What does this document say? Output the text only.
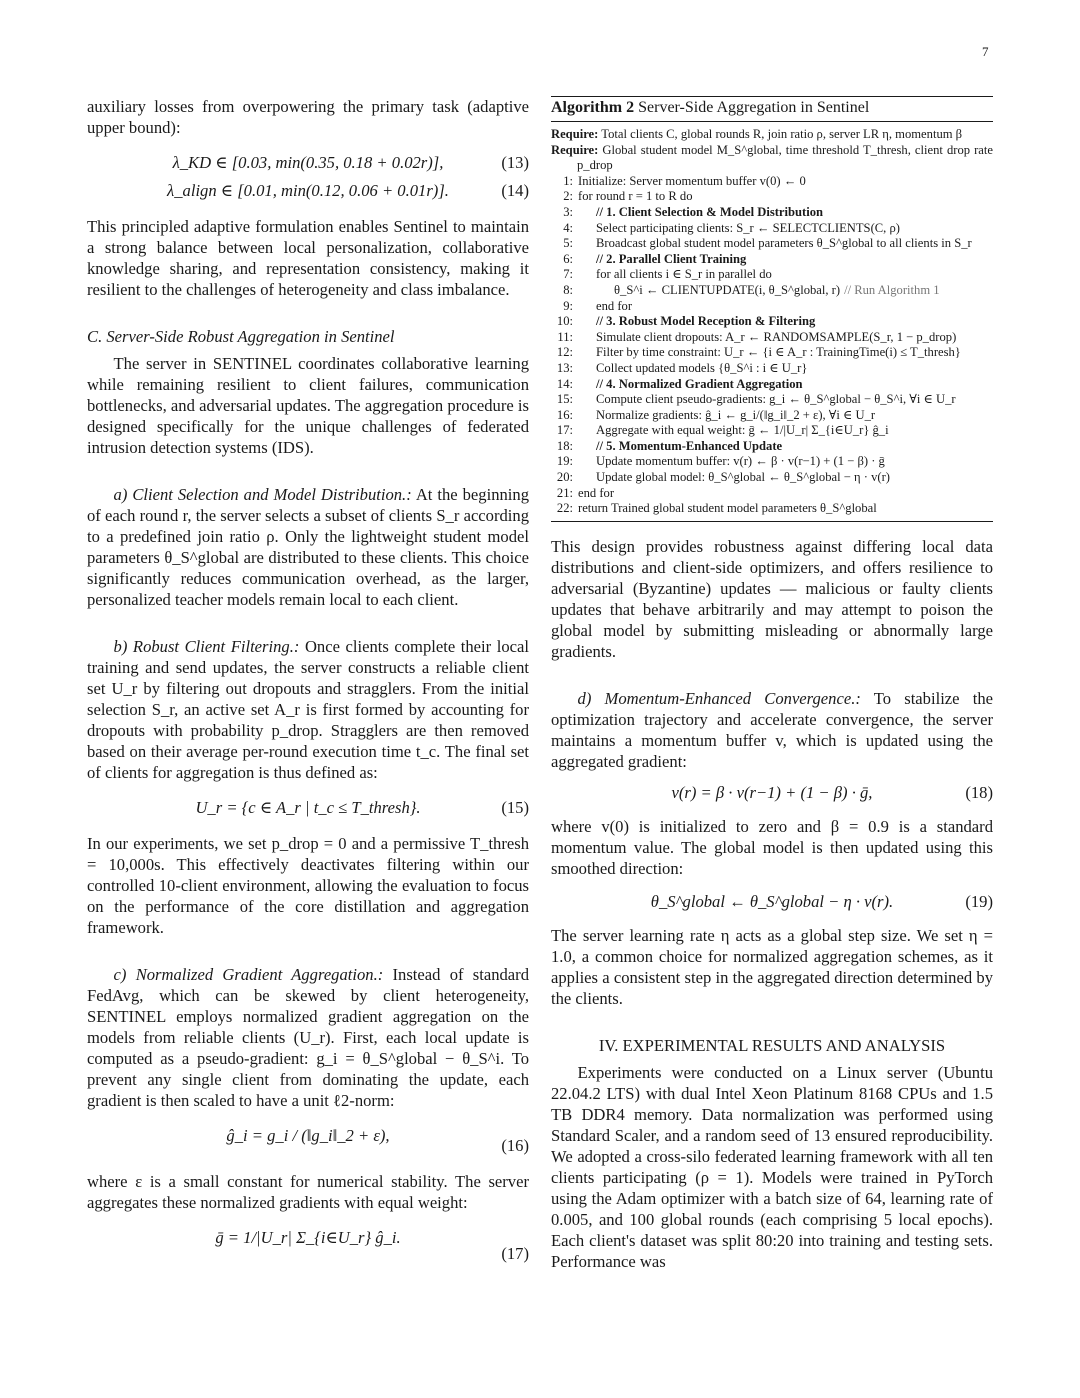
7

auxiliary losses from overpowering the primary task (adaptive upper bound):

λ_KD ∈ [0.03, min(0.35, 0.18 + 0.02r)],	(13)
λ_align ∈ [0.01, min(0.12, 0.06 + 0.01r)].	(14)

This principled adaptive formulation enables Sentinel to maintain a strong balance between local personalization, collaborative knowledge sharing, and representation consistency, making it resilient to the challenges of heterogeneity and class imbalance.

C. Server-Side Robust Aggregation in Sentinel

The server in SENTINEL coordinates collaborative learning while remaining resilient to client failures, communication bottlenecks, and adversarial updates. The aggregation procedure is designed specifically for the unique challenges of federated intrusion detection systems (IDS).

a) Client Selection and Model Distribution.: At the beginning of each round r, the server selects a subset of clients S_r according to a predefined join ratio ρ. Only the lightweight student model parameters θ_S^global are distributed to these clients. This choice significantly reduces communication overhead, as the larger, personalized teacher models remain local to each client.

b) Robust Client Filtering.: Once clients complete their local training and send updates, the server constructs a reliable client set U_r by filtering out dropouts and stragglers. From the initial selection S_r, an active set A_r is first formed by accounting for dropouts with probability p_drop. Stragglers are then removed based on their average per-round execution time t_c. The final set of clients for aggregation is thus defined as:

U_r = {c ∈ A_r | t_c ≤ T_thresh}.	(15)

In our experiments, we set p_drop = 0 and a permissive T_thresh = 10,000s. This effectively deactivates filtering within our controlled 10-client environment, allowing the evaluation to focus on the performance of the core distillation and aggregation framework.

c) Normalized Gradient Aggregation.: Instead of standard FedAvg, which can be skewed by client heterogeneity, SENTINEL employs normalized gradient aggregation on the models from reliable clients (U_r). First, each local update is computed as a pseudo-gradient: g_i = θ_S^global − θ_S^i. To prevent any single client from dominating the update, each gradient is then scaled to have a unit ℓ2-norm:

ĝ_i = g_i / (‖g_i‖_2 + ε),
(16)

where ε is a small constant for numerical stability. The server aggregates these normalized gradients with equal weight:

ḡ = 1/|U_r| Σ_{i∈U_r} ĝ_i.
(17)
Algorithm 2 Server-Side Aggregation in Sentinel

Require: Total clients C, global rounds R, join ratio ρ, server LR η, momentum β

Require: Global student model M_S^global, time threshold T_thresh, client drop rate p_drop

1: Initialize: Server momentum buffer v(0) ← 0
2: for round r = 1 to R do
3:	// 1. Client Selection & Model Distribution
4:	Select participating clients: S_r ← SELECTCLIENTS(C, ρ)
5:	Broadcast global student model parameters θ_S^global to all clients in S_r
6:	// 2. Parallel Client Training
7:	for all clients i ∈ S_r in parallel do
8:	θ_S^i ← CLIENTUPDATE(i, θ_S^global, r) // Run Algorithm 1
9:	end for
10:	// 3. Robust Model Reception & Filtering
11:	Simulate client dropouts: A_r ← RANDOMSAMPLE(S_r, 1 − p_drop)
12:	Filter by time constraint: U_r ← {i ∈ A_r : TrainingTime(i) ≤ T_thresh}
13:	Collect updated models {θ_S^i : i ∈ U_r}
14:	// 4. Normalized Gradient Aggregation
15:	Compute client pseudo-gradients: g_i ← θ_S^global − θ_S^i, ∀i ∈ U_r
16:	Normalize gradients: ĝ_i ← g_i/(‖g_i‖_2 + ε), ∀i ∈ U_r
17:	Aggregate with equal weight: ḡ ← 1/|U_r| Σ_{i∈U_r} ĝ_i
18:	// 5. Momentum-Enhanced Update
19:	Update momentum buffer: v(r) ← β · v(r−1) + (1 − β) · ḡ
20:	Update global model: θ_S^global ← θ_S^global − η · v(r)
21: end for
22: return Trained global student model parameters θ_S^global

This design provides robustness against differing local data distributions and client-side optimizers, and offers resilience to adversarial (Byzantine) updates — malicious or faulty clients updates that behave arbitrarily and may attempt to poison the global model by submitting misleading or abnormally large gradients.

d) Momentum-Enhanced Convergence.: To stabilize the optimization trajectory and accelerate convergence, the server maintains a momentum buffer v, which is updated using the aggregated gradient:

v(r) = β · v(r−1) + (1 − β) · ḡ,	(18)

where v(0) is initialized to zero and β = 0.9 is a standard momentum value. The global model is then updated using this smoothed direction:

θ_S^global ← θ_S^global − η · v(r).	(19)

The server learning rate η acts as a global step size. We set η = 1.0, a common choice for normalized aggregation schemes, as it applies a consistent step in the aggregated direction determined by the clients.

IV. EXPERIMENTAL RESULTS AND ANALYSIS

Experiments were conducted on a Linux server (Ubuntu 22.04.2 LTS) with dual Intel Xeon Platinum 8168 CPUs and 1.5 TB DDR4 memory. Data normalization was performed using Standard Scaler, and a random seed of 13 ensured reproducibility. We adopted a cross-silo federated learning framework with all ten clients participating (ρ = 1). Models were trained in PyTorch using the Adam optimizer with a batch size of 64, learning rate of 0.005, and 100 global rounds (each comprising 5 local epochs). Each client's dataset was split 80:20 into training and testing sets. Performance was
